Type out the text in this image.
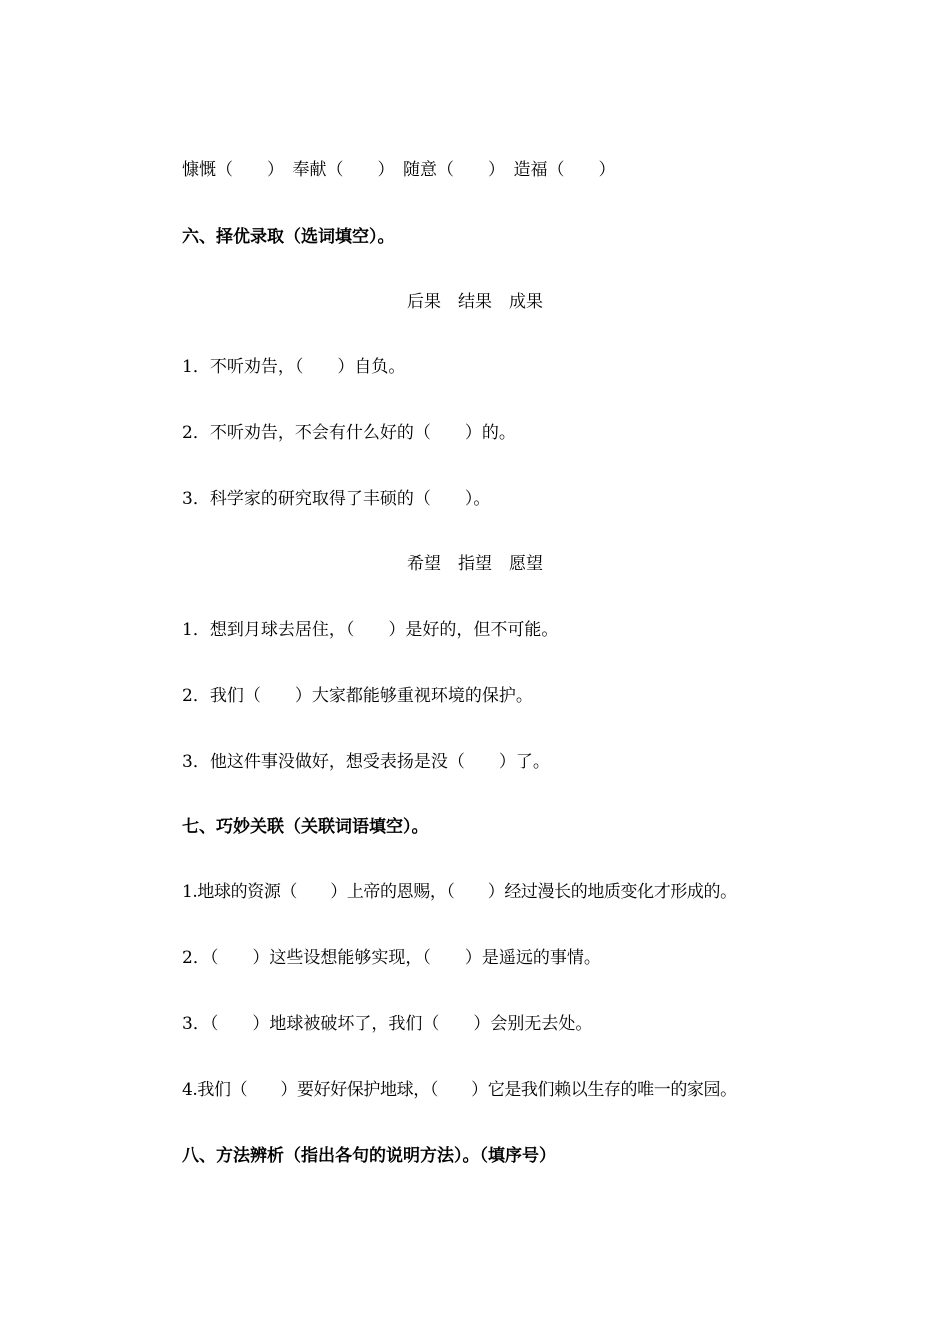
慷慨（　　）　奉献（　　）　随意（　　）　造福（　　）
六、择优录取（选词填空）。
后果　结果　成果
1．不听劝告，（　　）自负。
2．不听劝告，不会有什么好的（　　）的。
3．科学家的研究取得了丰硕的（　　）。
希望　指望　愿望
1．想到月球去居住，（　　）是好的，但不可能。
2．我们（　　）大家都能够重视环境的保护。
3．他这件事没做好，想受表扬是没（　　）了。
七、巧妙关联（关联词语填空）。
1.地球的资源（　　）上帝的恩赐，（　　）经过漫长的地质变化才形成的。
2．（　　）这些设想能够实现，（　　）是遥远的事情。
3．（　　）地球被破坏了，我们（　　）会别无去处。
4.我们（　　）要好好保护地球，（　　）它是我们赖以生存的唯一的家园。
八、方法辨析（指出各句的说明方法）。（填序号）
